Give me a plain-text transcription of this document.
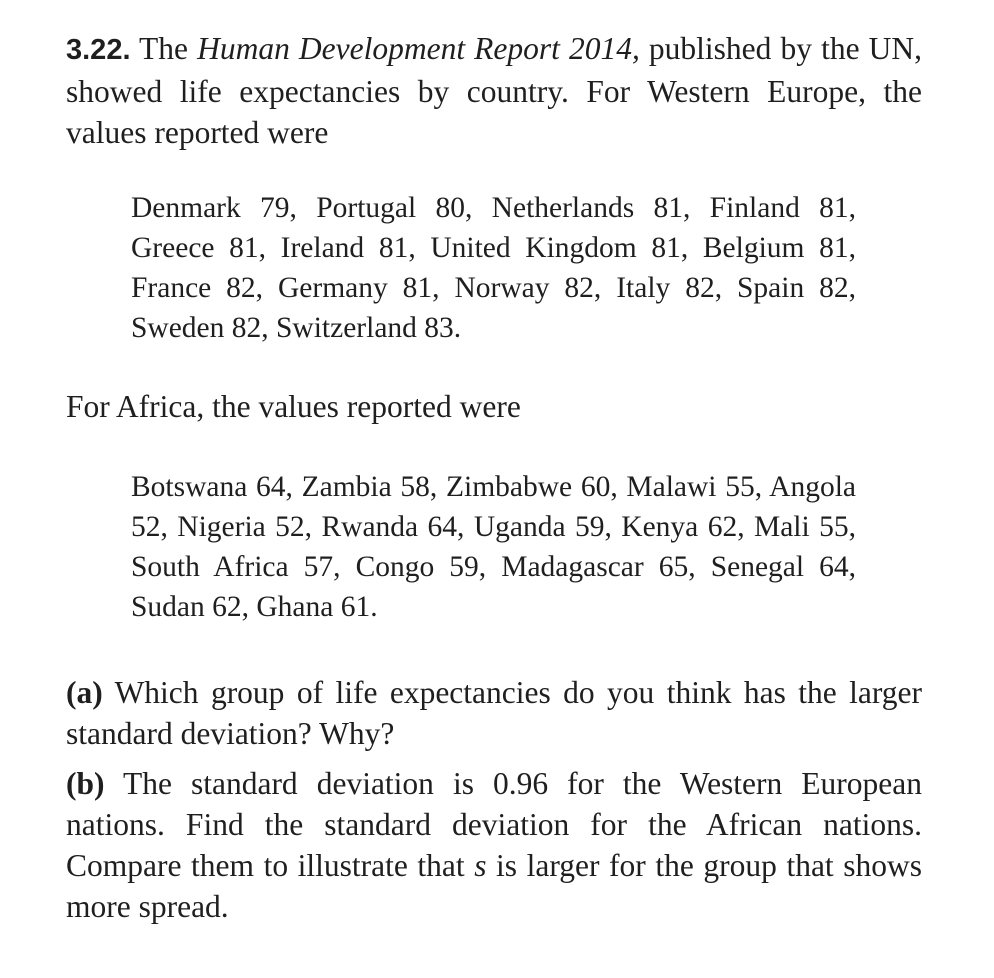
3.22. The Human Development Report 2014, published by the UN, showed life expectancies by country. For Western Europe, the values reported were

Denmark 79, Portugal 80, Netherlands 81, Finland 81, Greece 81, Ireland 81, United Kingdom 81, Belgium 81, France 82, Germany 81, Norway 82, Italy 82, Spain 82, Sweden 82, Switzerland 83.

For Africa, the values reported were

Botswana 64, Zambia 58, Zimbabwe 60, Malawi 55, Angola 52, Nigeria 52, Rwanda 64, Uganda 59, Kenya 62, Mali 55, South Africa 57, Congo 59, Madagascar 65, Senegal 64, Sudan 62, Ghana 61.

(a) Which group of life expectancies do you think has the larger standard deviation? Why?

(b) The standard deviation is 0.96 for the Western European nations. Find the standard deviation for the African nations. Compare them to illustrate that s is larger for the group that shows more spread.
